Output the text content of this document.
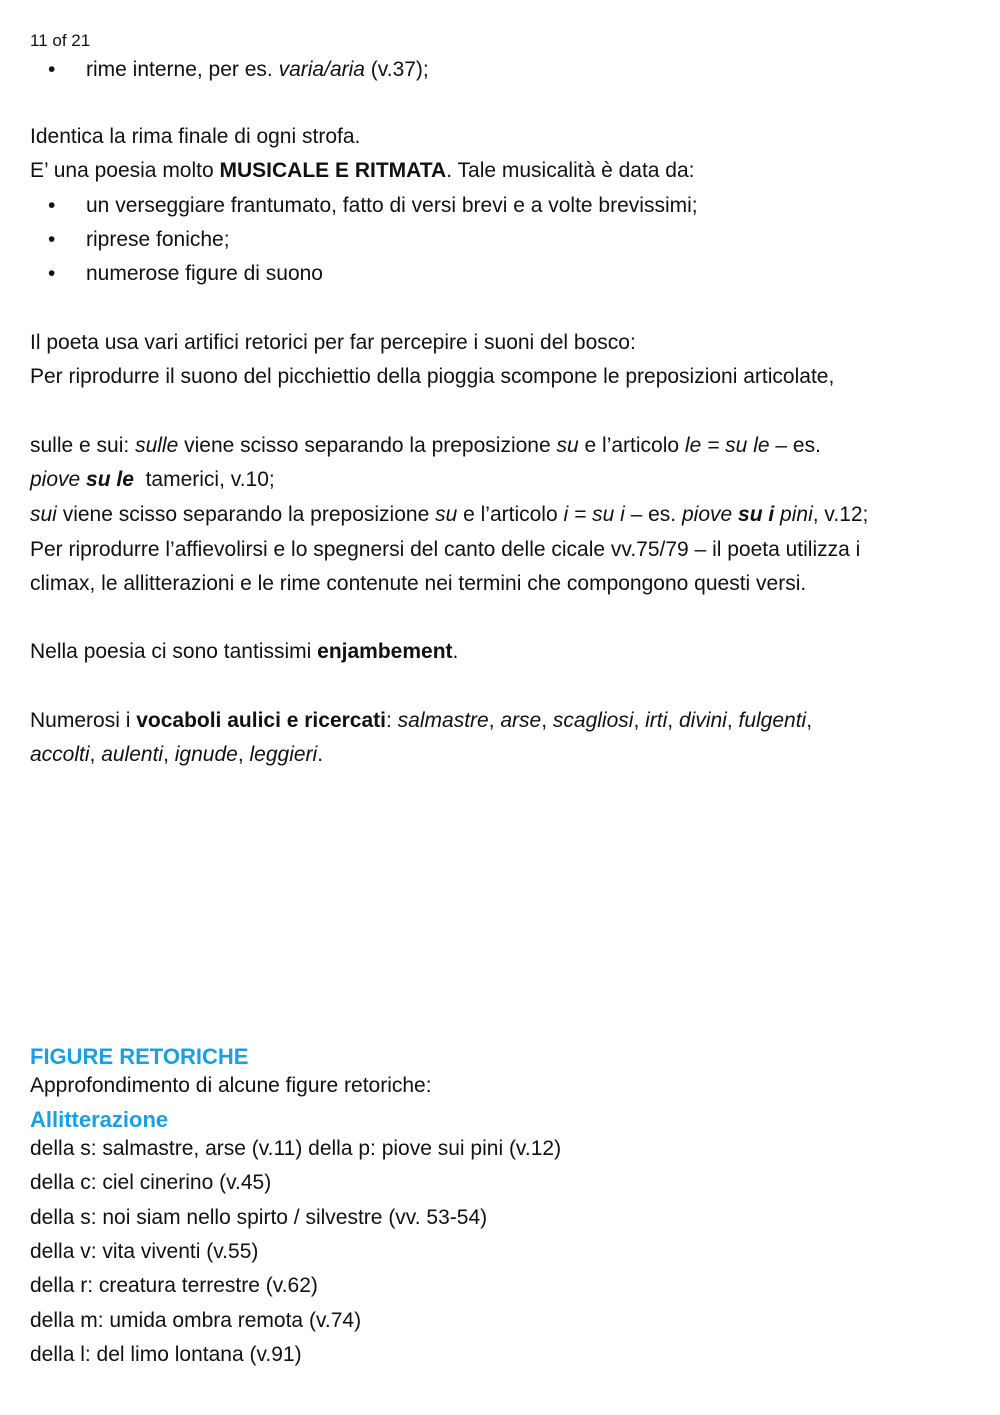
11 of 21
• rime interne, per es. varia/aria (v.37);
Identica la rima finale di ogni strofa.
E’ una poesia molto MUSICALE E RITMATA. Tale musicalità è data da:
• un verseggiare frantumato, fatto di versi brevi e a volte brevissimi;
• riprese foniche;
• numerose figure di suono
Il poeta usa vari artifici retorici per far percepire i suoni del bosco:
Per riprodurre il suono del picchiettio della pioggia scompone le preposizioni articolate,
sulle e sui: sulle viene scisso separando la preposizione su e l’articolo le = su le – es.
piove su le  tamerici, v.10;
sui viene scisso separando la preposizione su e l’articolo i = su i – es. piove su i pini, v.12;
Per riprodurre l’affievolirsi e lo spegnersi del canto delle cicale vv.75/79 – il poeta utilizza i
climax, le allitterazioni e le rime contenute nei termini che compongono questi versi.
Nella poesia ci sono tantissimi enjambement.
Numerosi i vocaboli aulici e ricercati: salmastre, arse, scagliosi, irti, divini, fulgenti,
accolti, aulenti, ignude, leggieri.
FIGURE RETORICHE
Approfondimento di alcune figure retoriche:
Allitterazione
della s: salmastre, arse (v.11) della p: piove sui pini (v.12)
della c: ciel cinerino (v.45)
della s: noi siam nello spirto / silvestre (vv. 53-54)
della v: vita viventi (v.55)
della r: creatura terrestre (v.62)
della m: umida ombra remota (v.74)
della l: del limo lontana (v.91)
